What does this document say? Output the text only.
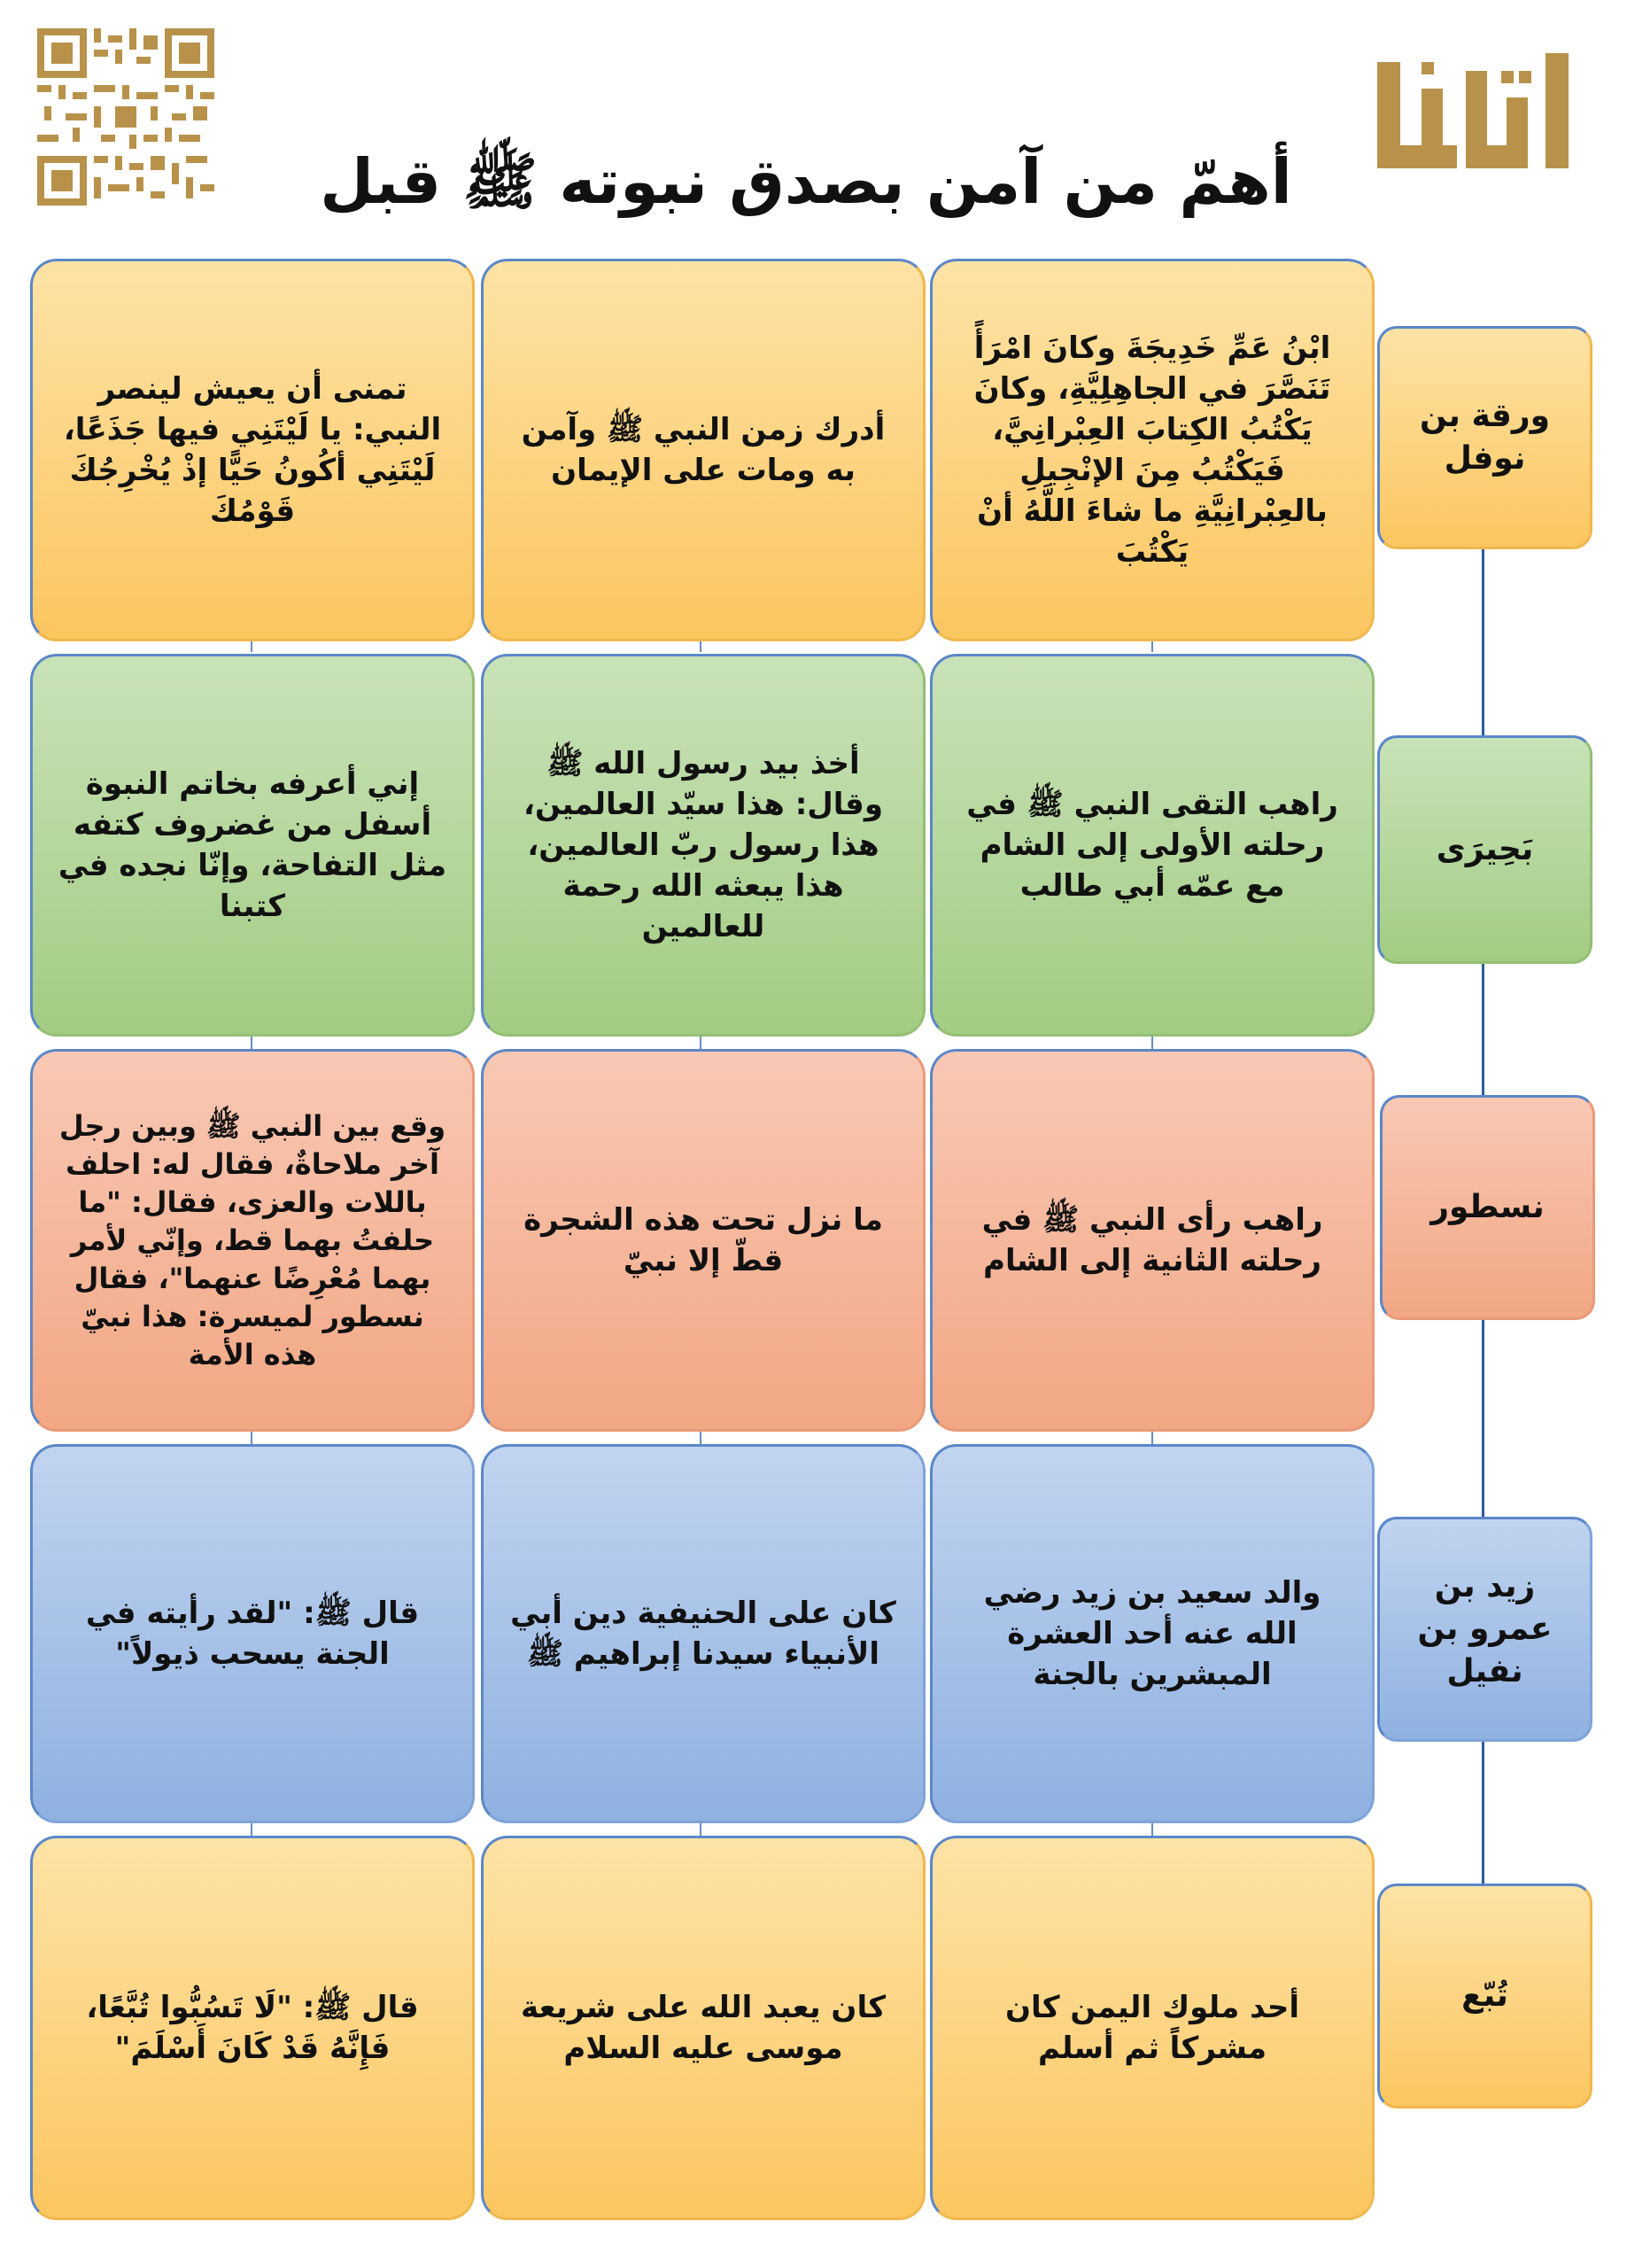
أهمّ من آمن بصدق نبوته ﷺ قبل
ورقة بن نوفل
ابْنُ عَمِّ خَدِيجَةَ وكانَ امْرَأً تَنَصَّرَ في الجاهِلِيَّةِ، وكانَ يَكْتُبُ الكِتابَ العِبْرانِيَّ، فَيَكْتُبُ مِنَ الإنْجِيلِ بالعِبْرانِيَّةِ ما شاءَ اللَّهُ أنْ يَكْتُبَ
أدرك زمن النبي ﷺ وآمن به ومات على الإيمان
تمنى أن يعيش لينصر النبي: يا لَيْتَنِي فيها جَذَعًا، لَيْتَنِي أكُونُ حَيًّا إذْ يُخْرِجُكَ قَوْمُكَ
بَحِيرَى
راهب التقى النبي ﷺ في رحلته الأولى إلى الشام مع عمّه أبي طالب
أخذ بيد رسول الله ﷺ وقال: هذا سيّد العالمين، هذا رسول ربّ العالمين، هذا يبعثه الله رحمة للعالمين
إني أعرفه بخاتم النبوة أسفل من غضروف كتفه مثل التفاحة، وإنّا نجده في كتبنا
نسطور
راهب رأى النبي ﷺ في رحلته الثانية إلى الشام
ما نزل تحت هذه الشجرة قطّ إلا نبيّ
وقع بين النبي ﷺ وبين رجل آخر ملاحاةٌ، فقال له: احلف باللات والعزى، فقال: "ما حلفتُ بهما قط، وإنّي لأمر بهما مُعْرِضًا عنهما"، فقال نسطور لميسرة: هذا نبيّ هذه الأمة
زيد بن عمرو بن نفيل
والد سعيد بن زيد رضي الله عنه أحد العشرة المبشرين بالجنة
كان على الحنيفية دين أبي الأنبياء سيدنا إبراهيم ﷺ
قال ﷺ: "لقد رأيته في الجنة يسحب ذيولاً"
تُبّع
أحد ملوك اليمن كان مشركاً ثم أسلم
كان يعبد الله على شريعة موسى عليه السلام
قال ﷺ: "لَا تَسُبُّوا تُبَّعًا، فَإِنَّهُ قَدْ كَانَ أَسْلَمَ"
